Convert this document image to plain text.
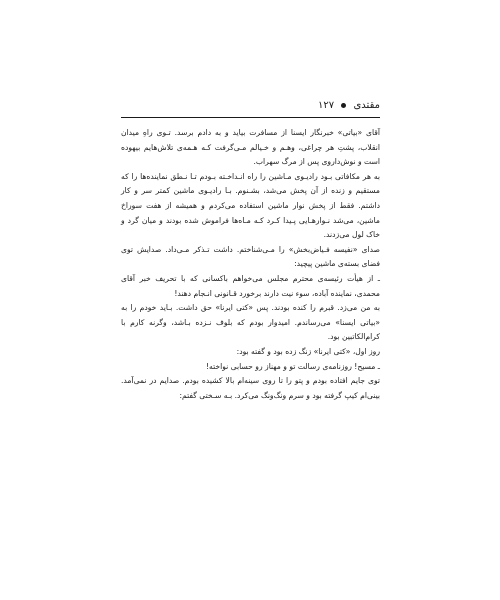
مقتدی  ۱۲۷

آقای «بیاتی» خبرنگار ایسنا از مسافرت بیاید و به دادم برسد. تـوی راهِ میدان انقلاب، پشتِ هر چراغی، وهـم و خـیالم مـی‌گرفت کـه هـمه‌ی تلاش‌هایم بیهوده است و نوش‌داروی پس از مرگ سهراب.

به هر مکافاتی بـود رادیـوی مـاشین را راه انـداخـته بـودم تـا نـطق نماینده‌ها را که مستقیم و زنده از آن پخش می‌شد، بشـنوم. بـا رادیـوی ماشین کمتر سر و کار داشتم. فقط از پخش نوار ماشین استفاده می‌کردم و همیشه از هفت سوراخ ماشین، می‌شد نـوارهـایی پـیدا کـرد کـه مـاه‌ها فراموش شده بودند و میان گرد و خاک لول می‌زدند.

صدای «نفیسه فـیاض‌بخش» را مـی‌شناختم. داشت تـذکر مـی‌داد. صدایش توی فضای بسته‌ی ماشین پیچید:

ـ از هیأت رئیسه‌ی محترم مجلس می‌خواهم باکسانی که با تحریف خبر آقای محمدی، نماینده آباده، سوء نیت دارند برخورد قـانونی انـجام دهند!

به من می‌زد. قبرم را کنده بودند. پس «کتی ایرنا» حق داشت. بـاید خودم را به «بیاتی ایسنا» می‌رساندم. امیدوار بودم که بلوف نـزده بـاشد، وگرنه کارم با کرام‌الکاتبین بود.

روز اول، «کتی ایرنا» زنگ زده بود و گفته بود:

ـ مسیح! روزنامه‌ی رسالت تو و مهناز رو حسابی نواخته!

توی جایم افتاده بودم و پتو را تا روی سینه‌ام بالا کشیده بودم. صدایم در نمی‌آمد. بینی‌ام کیپ گرفته بود و سرم ونگ‌ونگ می‌کرد. بـه سـختی گفتم:
